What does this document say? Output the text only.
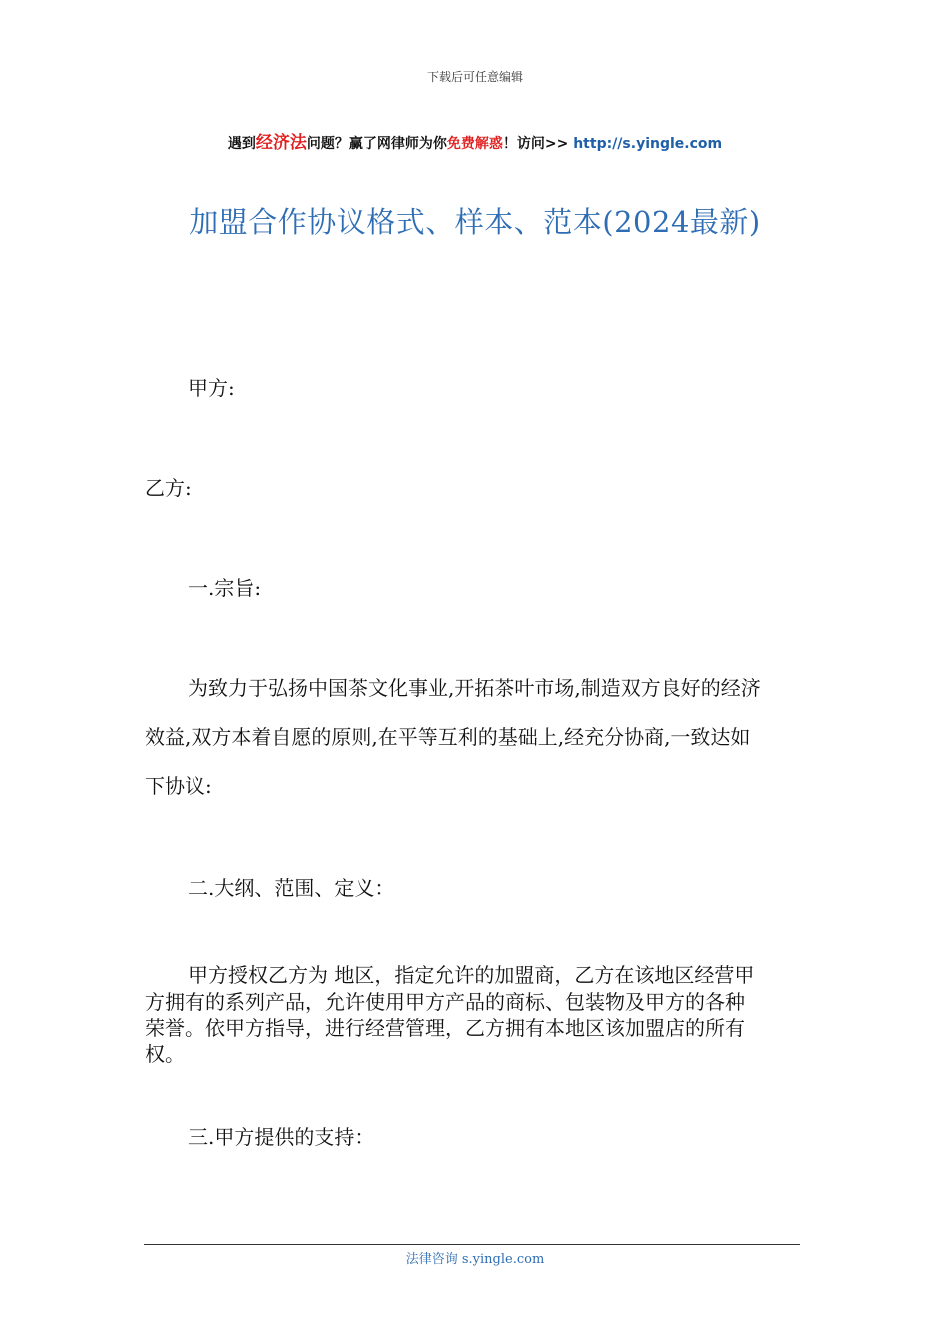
下载后可任意编辑
遇到经济法问题？赢了网律师为你免费解惑！访问>> http://s.yingle.com
加盟合作协议格式、样本、范本(2024最新)
甲方:
乙方:
一.宗旨:
为致力于弘扬中国茶文化事业,开拓茶叶市场,制造双方良好的经济
效益,双方本着自愿的原则,在平等互利的基础上,经充分协商,一致达如
下协议:
二.大纲、范围、定义：
甲方授权乙方为 地区，指定允许的加盟商，乙方在该地区经营甲
方拥有的系列产品，允许使用甲方产品的商标、包装物及甲方的各种
荣誉。依甲方指导，进行经营管理，乙方拥有本地区该加盟店的所有
权。
三.甲方提供的支持：
法律咨询 s.yingle.com
